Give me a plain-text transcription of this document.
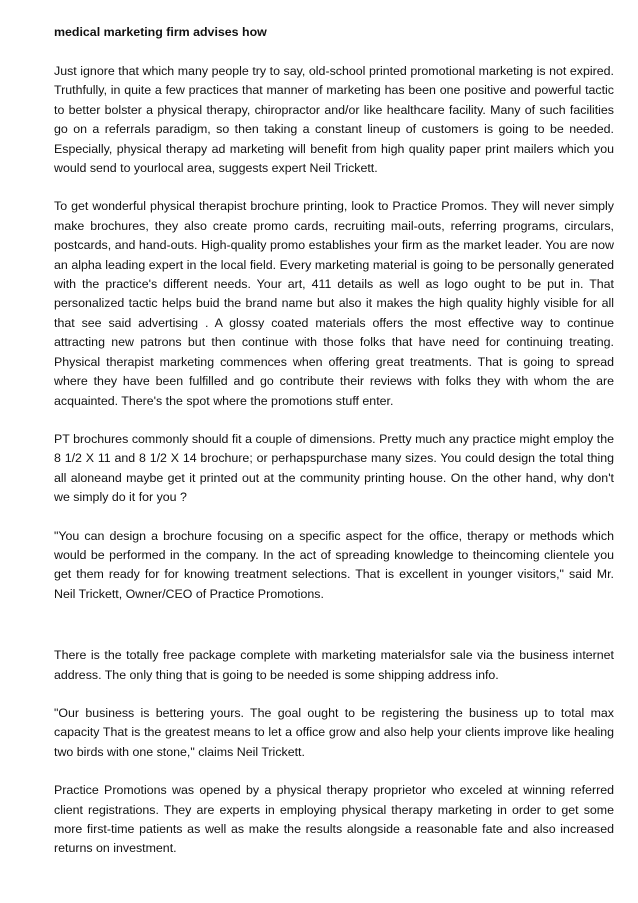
medical marketing firm advises how

Just ignore that which many people try to say, old-school printed promotional marketing is not expired. Truthfully, in quite a few practices that manner of marketing has been one positive and powerful tactic to better bolster a physical therapy, chiropractor and/or like healthcare facility. Many of such facilities go on a referrals paradigm, so then taking a constant lineup of customers is going to be needed. Especially, physical therapy ad marketing will benefit from high quality paper print mailers which you would send to yourlocal area, suggests expert Neil Trickett.

To get wonderful physical therapist brochure printing, look to Practice Promos. They will never simply make brochures, they also create promo cards, recruiting mail-outs, referring programs, circulars, postcards, and hand-outs. High-quality promo establishes your firm as the market leader. You are now an alpha leading expert in the local field. Every marketing material is going to be personally generated with the practice's different needs. Your art, 411 details as well as logo ought to be put in. That personalized tactic helps buid the brand name but also it makes the high quality highly visible for all that see said advertising . A glossy coated materials offers the most effective way to continue attracting new patrons but then continue with those folks that have need for continuing treating. Physical therapist marketing commences when offering great treatments. That is going to spread where they have been fulfilled and go contribute their reviews with folks they with whom the are acquainted. There's the spot where the promotions stuff enter.

PT brochures commonly should fit a couple of dimensions. Pretty much any practice might employ the 8 1/2 X 11 and 8 1/2 X 14 brochure; or perhapspurchase many sizes. You could design the total thing all aloneand maybe get it printed out at the community printing house. On the other hand, why don't we simply do it for you ?

"You can design a brochure focusing on a specific aspect for the office, therapy or methods which would be performed in the company. In the act of spreading knowledge to theincoming clientele you get them ready for for knowing treatment selections. That is excellent in younger visitors," said Mr. Neil Trickett, Owner/CEO of Practice Promotions.

There is the totally free package complete with marketing materialsfor sale via the business internet address. The only thing that is going to be needed is some shipping address info.

"Our business is bettering yours. The goal ought to be registering the business up to total max capacity That is the greatest means to let a office grow and also help your clients improve like healing two birds with one stone," claims Neil Trickett.

Practice Promotions was opened by a physical therapy proprietor who exceled at winning referred client registrations. They are experts in employing physical therapy marketing in order to get some more first-time patients as well as make the results alongside a reasonable fate and also increased returns on investment.
